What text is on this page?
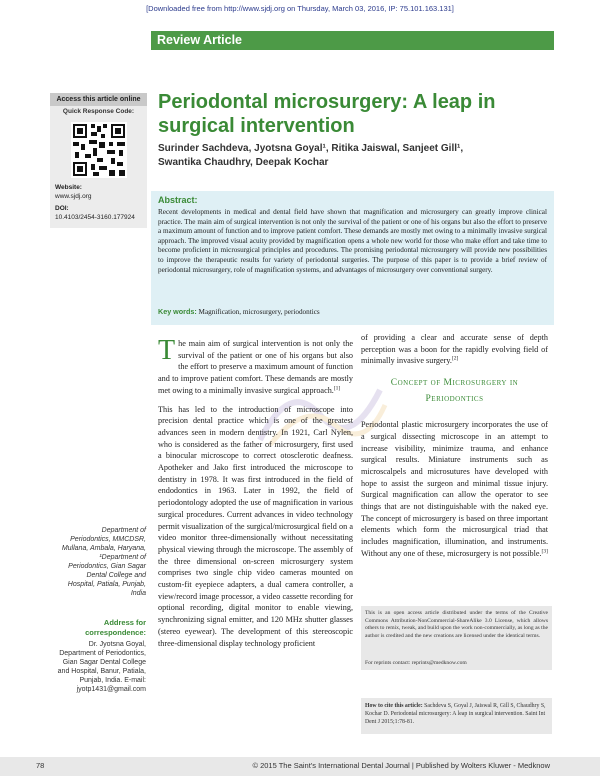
[Downloaded free from http://www.sjdj.org on Thursday, March 03, 2016, IP: 75.101.163.131]
Review Article
Access this article online
Quick Response Code:
Website:
www.sjdj.org
DOI:
10.4103/2454-3160.177924
Periodontal microsurgery: A leap in surgical intervention
Surinder Sachdeva, Jyotsna Goyal¹, Ritika Jaiswal, Sanjeet Gill¹,
Swantika Chaudhry, Deepak Kochar
Abstract:
Recent developments in medical and dental field have shown that magnification and microsurgery can greatly improve clinical practice. The main aim of surgical intervention is not only the survival of the patient or one of his organs but also the effort to preserve a maximum amount of function and to improve patient comfort. These demands are mostly met owing to a minimally invasive surgical approach. The improved visual acuity provided by magnification opens a whole new world for those who make effort and take time to become proficient in microsurgical principles and procedures. The promising periodontal microsurgery will provide new possibilities to improve the therapeutic results for variety of periodontal surgeries. The purpose of this paper is to provide a brief review of periodontal microsurgery, role of magnification systems, and advantages of microsurgery over conventional surgery.
Key words: Magnification, microsurgery, periodontics

The main aim of surgical intervention is not only the survival of the patient or one of his organs but also the effort to preserve a maximum amount of function and to improve patient comfort. These demands are mostly met owing to a minimally invasive surgical approach.[1]

This has led to the introduction of microscope into precision dental practice which is one of the greatest advances seen in modern dentistry. In 1921, Carl Nylen, who is considered as the father of microsurgery, first used a binocular microscope to correct otosclerotic deafness. Apotheker and Jako first introduced the microscope to dentistry in 1978. It was first introduced in the field of endodontics in 1963. Later in 1992, the field of periodontology adopted the use of magnification in various surgical procedures. Current advances in video technology permit visualization of the surgical/microsurgical field on a video monitor three-dimensionally without necessitating physical viewing through the microscope. The assembly of the three dimensional on-screen microsurgery system comprises two single chip video cameras mounted on custom-fit eyepiece adapters, a dual camera controller, a view/record image processor, a video cassette recording for optional recording, digital monitor to enable viewing, synchronizing signal emitter, and 120 MHz shutter glasses (stereo eyewear). The development of this stereoscopic three-dimensional display technology proficient

of providing a clear and accurate sense of depth perception was a boon for the rapidly evolving field of minimally invasive surgery.[2]

Concept of Microsurgery in
Periodontics

Periodontal plastic microsurgery incorporates the use of a surgical dissecting microscope in an attempt to increase visibility, minimize trauma, and enhance surgical results. Miniature instruments such as microscalpels and microsutures have developed with hope to assist the surgeon and minimal tissue injury. Surgical magnification can allow the operator to see things that are not distinguishable with the naked eye. The concept of microsurgery is based on three important elements which form the microsurgical triad that includes magnification, illumination, and instruments. Without any one of these, microsurgery is not possible.[3]

Department of Periodontics, MMCDSR, Mullana, Ambala, Haryana, ¹Department of Periodontics, Gian Sagar Dental College and Hospital, Patiala, Punjab, India
Address for
correspondence:
Dr. Jyotsna Goyal, Department of Periodontics, Gian Sagar Dental College and Hospital, Banur, Patiala, Punjab, India. E-mail: jyotp1431@gmail.com
This is an open access article distributed under the terms of the Creative Commons Attribution-NonCommercial-ShareAlike 3.0 License, which allows others to remix, tweak, and build upon the work non-commercially, as long as the author is credited and the new creations are licensed under the identical terms.
For reprints contact: reprints@medknow.com
How to cite this article: Sachdeva S, Goyal J, Jaiswal R, Gill S, Chaudhry S, Kochar D. Periodontal microsurgery: A leap in surgical intervention. Saint Int Dent J 2015;1:78-81.
78	© 2015 The Saint's International Dental Journal | Published by Wolters Kluwer - Medknow
